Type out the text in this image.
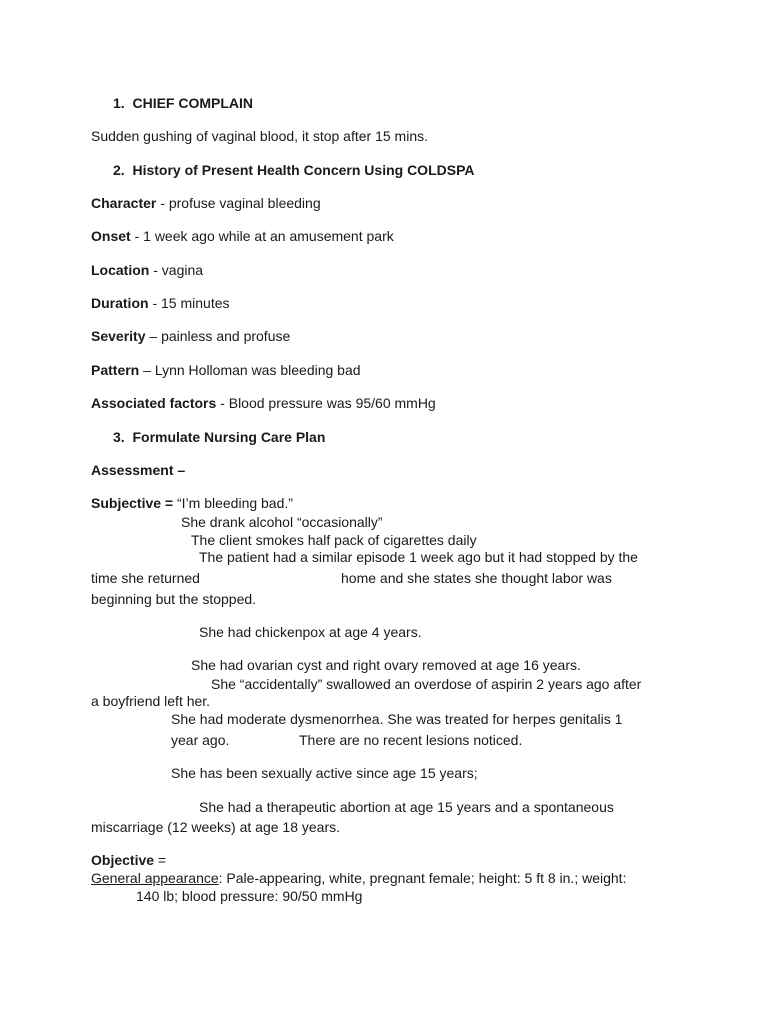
1. CHIEF COMPLAIN
Sudden gushing of vaginal blood, it stop after 15 mins.
2. History of Present Health Concern Using COLDSPA
Character - profuse vaginal bleeding
Onset - 1 week ago while at an amusement park
Location - vagina
Duration - 15 minutes
Severity – painless and profuse
Pattern – Lynn Holloman was bleeding bad
Associated factors - Blood pressure was 95/60 mmHg
3. Formulate Nursing Care Plan
Assessment –
Subjective = “I’m bleeding bad.”
She drank alcohol “occasionally”
The client smokes half pack of cigarettes daily
The patient had a similar episode 1 week ago but it had stopped by the
time she returned	home and she states she thought labor was
beginning but the stopped.
She had chickenpox at age 4 years.
She had ovarian cyst and right ovary removed at age 16 years.
She “accidentally” swallowed an overdose of aspirin 2 years ago after
a boyfriend left her.
She had moderate dysmenorrhea. She was treated for herpes genitalis 1
year ago.	There are no recent lesions noticed.
She has been sexually active since age 15 years;
She had a therapeutic abortion at age 15 years and a spontaneous
miscarriage (12 weeks) at age 18 years.
Objective =
General appearance: Pale-appearing, white, pregnant female; height: 5 ft 8 in.; weight:
140 lb; blood pressure: 90/50 mmHg
